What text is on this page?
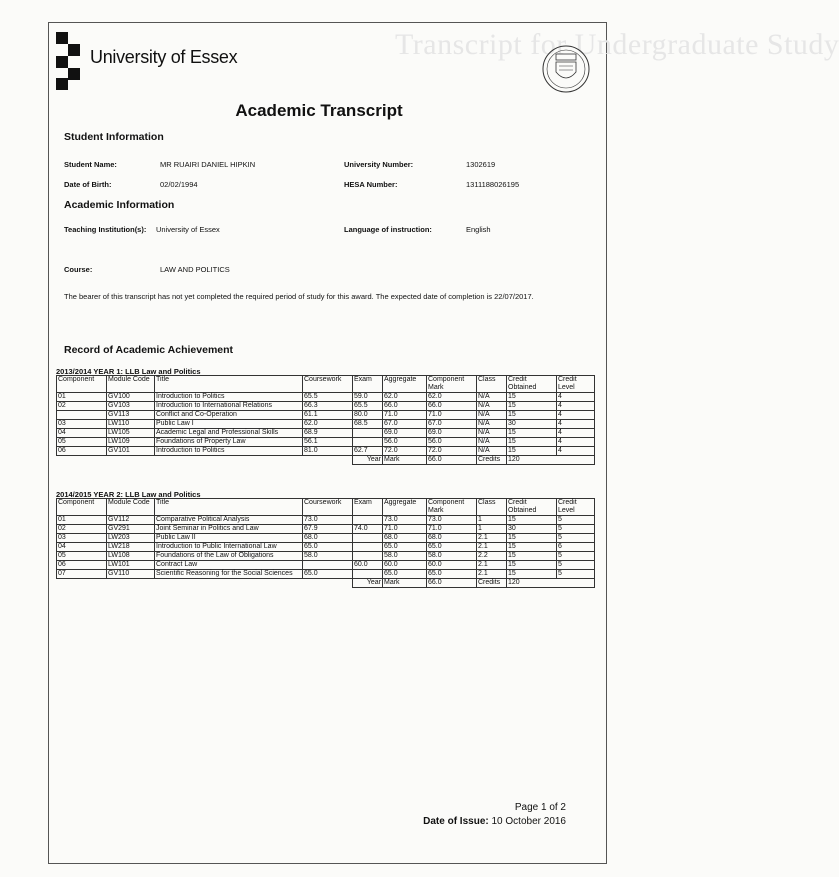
Transcript for Undergraduate Study
University of Essex
Academic Transcript
Student Information
Student Name:	MR RUAIRI DANIEL HIPKIN	University Number:	1302619
Date of Birth:	02/02/1994	HESA Number:	1311188026195
Academic Information
Teaching Institution(s): University of Essex	Language of instruction:	English
Course:	LAW AND POLITICS
The bearer of this transcript has not yet completed the required period of study for this award. The expected date of completion is 22/07/2017.
Record of Academic Achievement
2013/2014 YEAR 1: LLB Law and Politics
Component	Module Code	Title	Coursework	Exam	Aggregate	Component Mark	Class	Credit Obtained	Credit Level
01	GV100	Introduction to Politics	65.5	59.0	62.0	62.0	N/A	15	4
02	GV103	Introduction to International Relations	66.3	65.5	66.0	66.0	N/A	15	4
	GV113	Conflict and Co-Operation	61.1	80.0	71.0	71.0	N/A	15	4
03	LW110	Public Law I	62.0	68.5	67.0	67.0	N/A	30	4
04	LW105	Academic Legal and Professional Skills	68.9		69.0	69.0	N/A	15	4
05	LW109	Foundations of Property Law	56.1		56.0	56.0	N/A	15	4
06	GV101	Introduction to Politics	81.0	62.7	72.0	72.0	N/A	15	4
				Year	Mark	66.0	Credits	120	
2014/2015 YEAR 2: LLB Law and Politics
Component	Module Code	Title	Coursework	Exam	Aggregate	Component Mark	Class	Credit Obtained	Credit Level
01	GV112	Comparative Political Analysis	73.0		73.0	73.0	1	15	5
02	GV291	Joint Seminar in Politics and Law	67.9	74.0	71.0	71.0	1	30	5
03	LW203	Public Law II	68.0		68.0	68.0	2.1	15	5
04	LW218	Introduction to Public International Law	65.0		65.0	65.0	2.1	15	6
05	LW108	Foundations of the Law of Obligations	58.0		58.0	58.0	2.2	15	5
06	LW101	Contract Law		60.0	60.0	60.0	2.1	15	5
07	GV110	Scientific Reasoning for the Social Sciences	65.0		65.0	65.0	2.1	15	5
				Year	Mark	66.0	Credits	120	
Page 1 of 2
Date of Issue: 10 October 2016
